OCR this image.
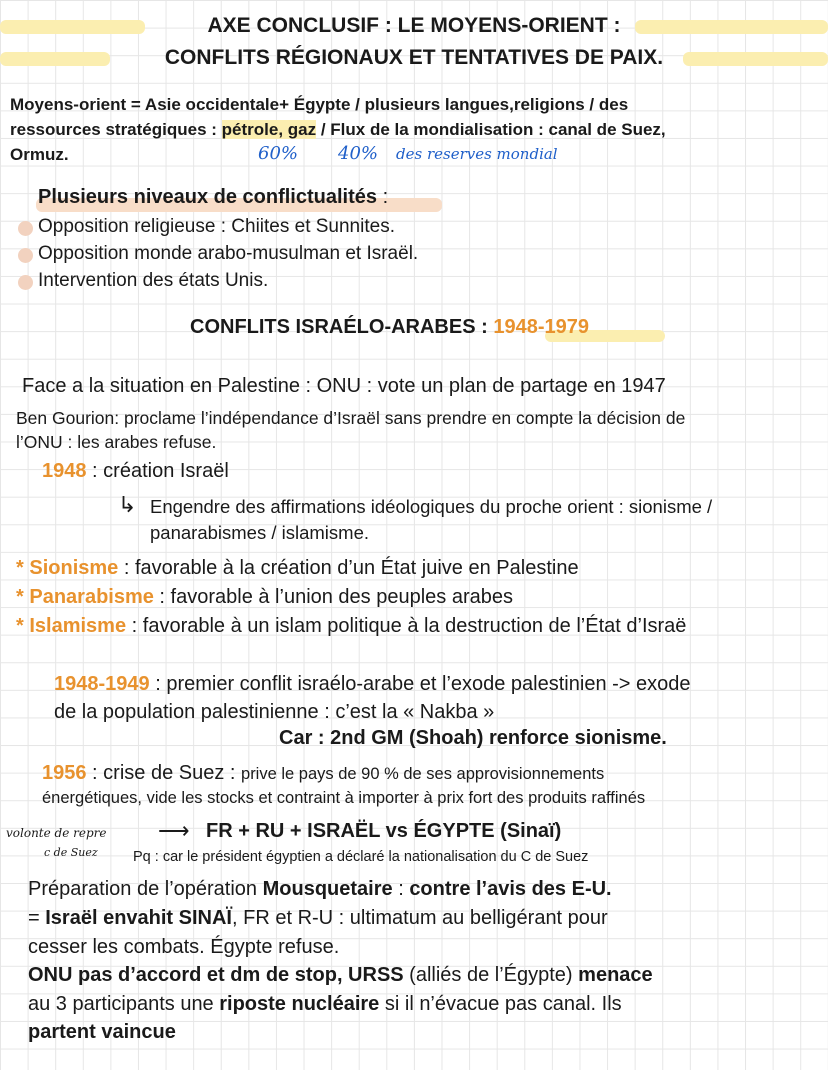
AXE CONCLUSIF : LE MOYENS-ORIENT :
CONFLITS RÉGIONAUX ET TENTATIVES DE PAIX.
Moyens-orient = Asie occidentale+ Égypte / plusieurs langues,religions / des
ressources stratégiques : pétrole, gaz / Flux de la mondialisation : canal de Suez,
Ormuz.	60% 40% des reserves mondial
Plusieurs niveaux de conflictualités :
Opposition religieuse : Chiites et Sunnites.
Opposition monde arabo-musulman et Israël.
Intervention des états Unis.
CONFLITS ISRAÉLO-ARABES : 1948-1979
Face a la situation en Palestine : ONU : vote un plan de partage en 1947
Ben Gourion: proclame l’indépendance d’Israël sans prendre en compte la décision de
l’ONU : les arabes refuse.
1948 : création Israël
↳ Engendre des affirmations idéologiques du proche orient : sionisme /
panarabismes / islamisme.
* Sionisme : favorable à la création d’un État juive en Palestine
* Panarabisme : favorable à l’union des peuples arabes
* Islamisme : favorable à un islam politique à la destruction de l’État d’Israë
1948-1949 : premier conflit israélo-arabe et l’exode palestinien -> exode
de la population palestinienne : c’est la « Nakba »
Car : 2nd GM (Shoah) renforce sionisme.
1956 : crise de Suez : prive le pays de 90 % de ses approvisionnements
énergétiques, vide les stocks et contraint à importer à prix fort des produits raffinés
volonte de repre
c de Suez
⟶ FR + RU + ISRAËL vs ÉGYPTE (Sinaï)
Pq : car le président égyptien a déclaré la nationalisation du C de Suez
Préparation de l’opération Mousquetaire : contre l’avis des E-U.
= Israël envahit SINAÏ, FR et R-U : ultimatum au belligérant pour
cesser les combats. Égypte refuse.
ONU pas d’accord et dm de stop, URSS (alliés de l’Égypte) menace
au 3 participants une riposte nucléaire si il n’évacue pas canal. Ils
partent vaincue
